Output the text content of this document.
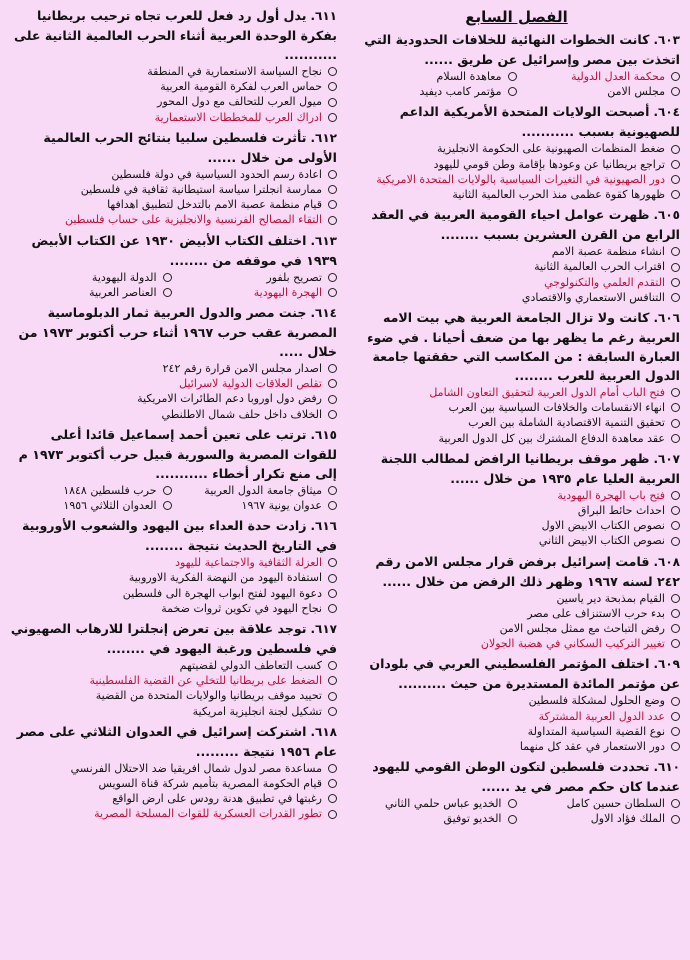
الفصل السابع
٦٠٣.كانت الخطوات النهائية للخلافات الحدودية التي اتخذت بين مصر وإسرائيل عن طريق ......
محكمة العدل الدولية
معاهدة السلام
مجلس الامن
مؤتمر كامب ديفيد
٦٠٤.أصبحت الولايات المتحدة الأمريكية الداعم للصهيونية بسبب ...........
ضغط المنظمات الصهيونية على الحكومة الانجليزية
تراجع بريطانيا عن وعودها بإقامة وطن قومي لليهود
دور الصهيونية في التغيرات السياسية بالولايات المتحدة الامريكية
ظهورها كقوة عظمى منذ الحرب العالمية الثانية
٦٠٥.ظهرت عوامل احياء القومية العربية في العقد الرابع من القرن العشرين بسبب ........
انشاء منظمة عصبة الامم
اقتراب الحرب العالمية الثانية
التقدم العلمي والتكنولوجي
التنافس الاستعماري والاقتصادي
٦٠٦.كانت ولا تزال الجامعة العربية هي بيت الامه العربية رغم ما يظهر بها من ضعف أحيانا . في ضوء العبارة السابقة : من المكاسب التي حققتها جامعة الدول العربية للعرب ........
فتح الباب أمام الدول العربية لتحقيق التعاون الشامل
انهاء الانقسامات والخلافات السياسية بين العرب
تحقيق التنمية الاقتصادية الشاملة بين العرب
عقد معاهدة الدفاع المشترك بين كل الدول العربية
٦٠٧.ظهر موقف بريطانيا الرافض لمطالب اللجنة العربية العليا عام ١٩٣٥ من خلال ......
فتح باب الهجرة اليهودية
احداث حائط البراق
نصوص الكتاب الابيض الاول
نصوص الكتاب الابيض الثاني
٦٠٨.قامت إسرائيل برفض قرار مجلس الامن رقم ٢٤٢ لسنه ١٩٦٧ وظهر ذلك الرفض من خلال ......
القيام بمذبحة دير ياسين
بدء حرب الاستنزاف على مصر
رفض التباحث مع ممثل مجلس الامن
تغيير التركيب السكاني في هضبة الجولان
٦٠٩.اختلف المؤتمر الفلسطيني العربي في بلودان عن مؤتمر المائدة المستديرة من حيث ..........
وضع الحلول لمشكلة فلسطين
عدد الدول العربية المشتركة
نوع القضية السياسية المتداولة
دور الاستعمار في عقد كل منهما
٦١٠.تحددت فلسطين لتكون الوطن القومي لليهود عندما كان حكم مصر في يد ......
السلطان حسين كامل
الخديو عباس حلمي الثاني
الملك فؤاد الاول
الخديو توفيق
٦١١.يدل أول رد فعل للعرب تجاه ترحيب بريطانيا بفكرة الوحدة العربية أثناء الحرب العالمية الثانية على ...........
نجاح السياسة الاستعمارية في المنطقة
حماس العرب لفكرة القومية العربية
ميول العرب للتحالف مع دول المحور
ادراك العرب للمخططات الاستعمارية
٦١٢.تأثرت فلسطين سلبيا بنتائج الحرب العالمية الأولى من خلال ......
اعادة رسم الحدود السياسية في دولة فلسطين
ممارسة انجلترا سياسة استيطانية ثقافية في فلسطين
قيام منظمة عصبة الامم بالتدخل لتطبيق اهدافها
التقاء المصالح الفرنسية والانجليزية على حساب فلسطين
٦١٣.اختلف الكتاب الأبيض ١٩٣٠ عن الكتاب الأبيض ١٩٣٩ في موقفه من ........
تصريح بلفور
الدولة اليهودية
الهجرة اليهودية
العناصر العربية
٦١٤.جنت مصر والدول العربية ثمار الدبلوماسية المصرية عقب حرب ١٩٦٧ أثناء حرب أكتوبر ١٩٧٣ من خلال .....
اصدار مجلس الامن قرارة رقم ٢٤٢
تقلص العلاقات الدولية لاسرائيل
رفض دول اوروبا دعم الطائرات الامريكية
الخلاف داخل حلف شمال الاطلنطي
٦١٥.ترتب على تعين أحمد إسماعيل قائدا أعلى للقوات المصرية والسورية قبيل حرب أكتوبر ١٩٧٣ م إلى منع تكرار أخطاء ...........
ميثاق جامعة الدول العربية
حرب فلسطين ١٨٤٨
عدوان يونية ١٩٦٧
العدوان الثلاثي ١٩٥٦
٦١٦.زادت حدة العداء بين اليهود والشعوب الأوروبية في التاريخ الحديث نتيجة ........
العزلة الثقافية والاجتماعية لليهود
استفادة اليهود من النهضة الفكرية الاوروبية
دعوة اليهود لفتح ابواب الهجرة الى فلسطين
نجاح اليهود في تكوين ثروات ضخمة
٦١٧.توجد علاقة بين تعرض إنجلترا للارهاب الصهيوني في فلسطين ورغبة اليهود في ........
كسب التعاطف الدولي لقضيتهم
الضغط على بريطانيا للتخلي عن القضية الفلسطينية
تحييد موقف بريطانيا والولايات المتحدة من القضية
تشكيل لجنة انجليزية امريكية
٦١٨.اشتركت إسرائيل في العدوان الثلاثي على مصر عام ١٩٥٦ نتيجة .........
مساعدة مصر لدول شمال افريقيا ضد الاحتلال الفرنسي
قيام الحكومة المصرية بتأميم شركة قناة السويس
رغبتها في تطبيق هدنة رودس على ارض الواقع
تطور القدرات العسكرية للقوات المسلحة المصرية
